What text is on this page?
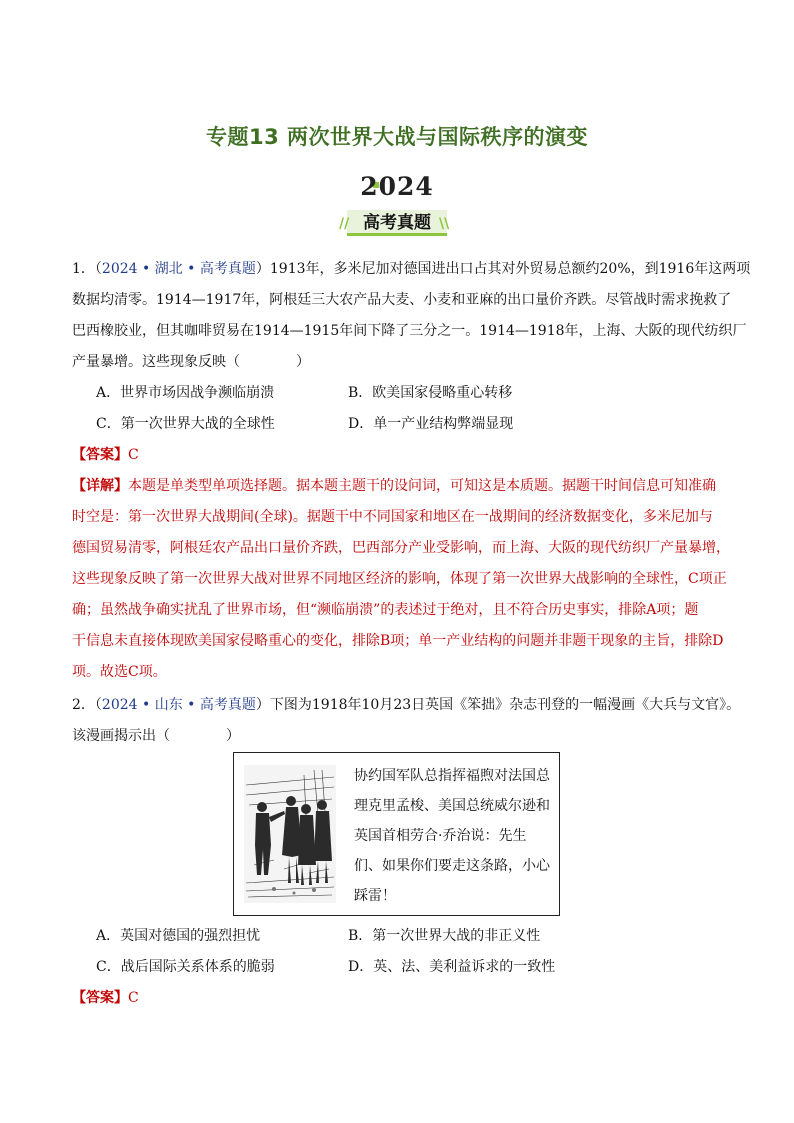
专题13 两次世界大战与国际秩序的演变
2024
// 高考真题 \\
1．（2024 • 湖北 • 高考真题）1913年，多米尼加对德国进出口占其对外贸易总额约20%，到1916年这两项
数据均清零。1914—1917年，阿根廷三大农产品大麦、小麦和亚麻的出口量价齐跌。尽管战时需求挽救了
巴西橡胶业，但其咖啡贸易在1914—1915年间下降了三分之一。1914—1918年，上海、大阪的现代纺织厂
产量暴增。这些现象反映（　　　　）
A．世界市场因战争濒临崩溃	B．欧美国家侵略重心转移
C．第一次世界大战的全球性	D．单一产业结构弊端显现
【答案】C
【详解】本题是单类型单项选择题。据本题主题干的设问词，可知这是本质题。据题干时间信息可知准确
时空是：第一次世界大战期间(全球)。据题干中不同国家和地区在一战期间的经济数据变化，多米尼加与
德国贸易清零，阿根廷农产品出口量价齐跌，巴西部分产业受影响，而上海、大阪的现代纺织厂产量暴增，
这些现象反映了第一次世界大战对世界不同地区经济的影响，体现了第一次世界大战影响的全球性，C项正
确；虽然战争确实扰乱了世界市场，但“濒临崩溃”的表述过于绝对，且不符合历史事实，排除A项；题
干信息未直接体现欧美国家侵略重心的变化，排除B项；单一产业结构的问题并非题干现象的主旨，排除D
项。故选C项。
2．（2024 • 山东 • 高考真题）下图为1918年10月23日英国《笨拙》杂志刊登的一幅漫画《大兵与文官》。
该漫画揭示出（　　　　）
协约国军队总指挥福煦对法国总理克里孟梭、美国总统威尔逊和英国首相劳合·乔治说：先生们、如果你们要走这条路，小心踩雷！
A．英国对德国的强烈担忧	B．第一次世界大战的非正义性
C．战后国际关系体系的脆弱	D．英、法、美利益诉求的一致性
【答案】C
